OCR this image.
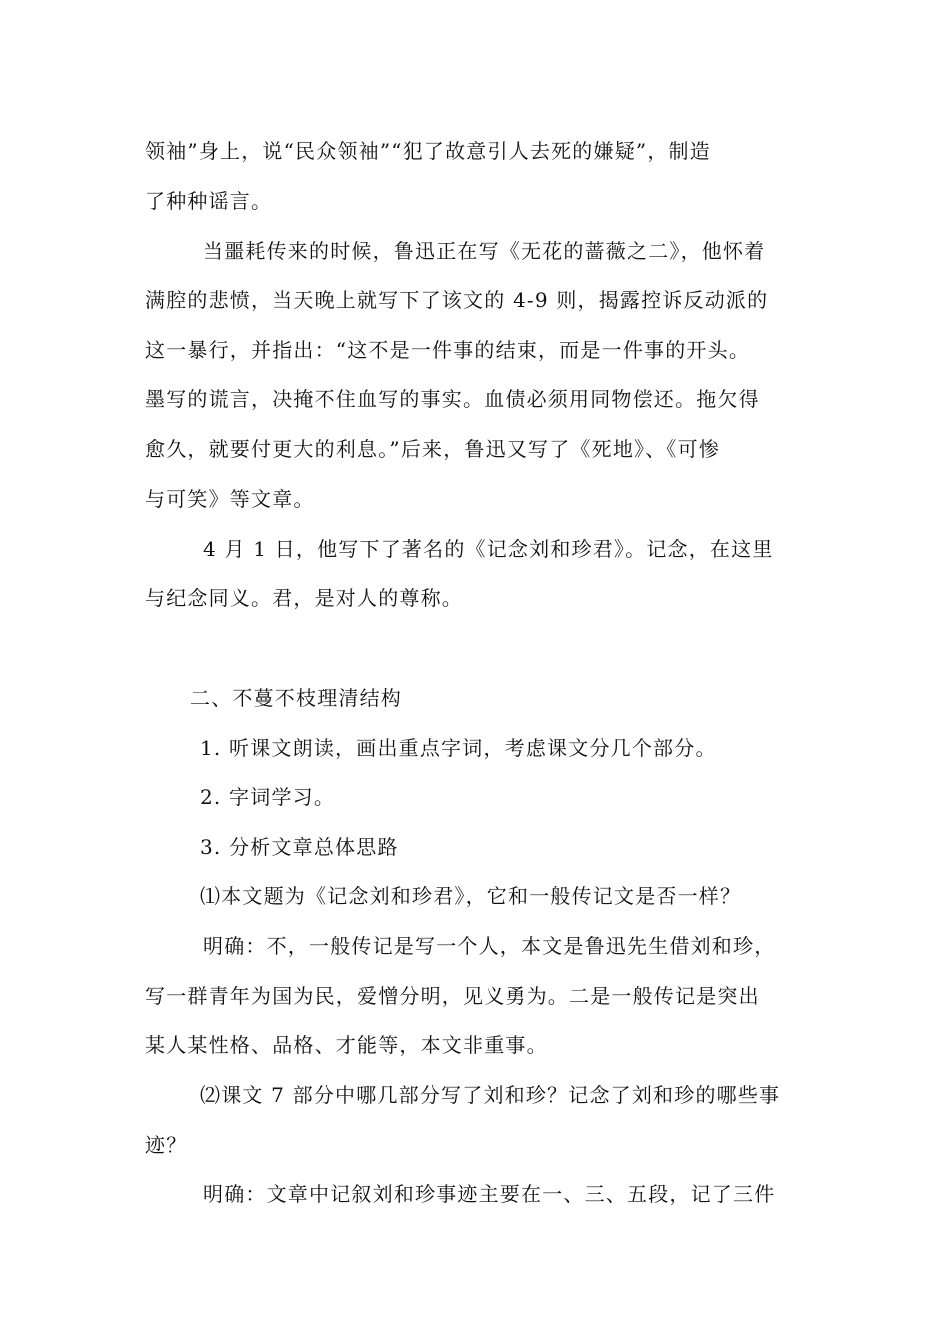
领袖”身上，说“民众领袖”“犯了故意引人去死的嫌疑”，制造
了种种谣言。
当噩耗传来的时候，鲁迅正在写《无花的蔷薇之二》，他怀着
满腔的悲愤，当天晚上就写下了该文的 4-9 则，揭露控诉反动派的
这一暴行，并指出：“这不是一件事的结束，而是一件事的开头。
墨写的谎言，决掩不住血写的事实。血债必须用同物偿还。拖欠得
愈久，就要付更大的利息。”后来，鲁迅又写了《死地》、《可惨
与可笑》等文章。
4 月 1 日，他写下了著名的《记念刘和珍君》。记念，在这里
与纪念同义。君，是对人的尊称。
二、不蔓不枝理清结构
1. 听课文朗读，画出重点字词，考虑课文分几个部分。
2. 字词学习。
3. 分析文章总体思路
⑴本文题为《记念刘和珍君》，它和一般传记文是否一样？
明确：不，一般传记是写一个人，本文是鲁迅先生借刘和珍，
写一群青年为国为民，爱憎分明，见义勇为。二是一般传记是突出
某人某性格、品格、才能等，本文非重事。
⑵课文 7 部分中哪几部分写了刘和珍？记念了刘和珍的哪些事
迹？
明确：文章中记叙刘和珍事迹主要在一、三、五段，记了三件
